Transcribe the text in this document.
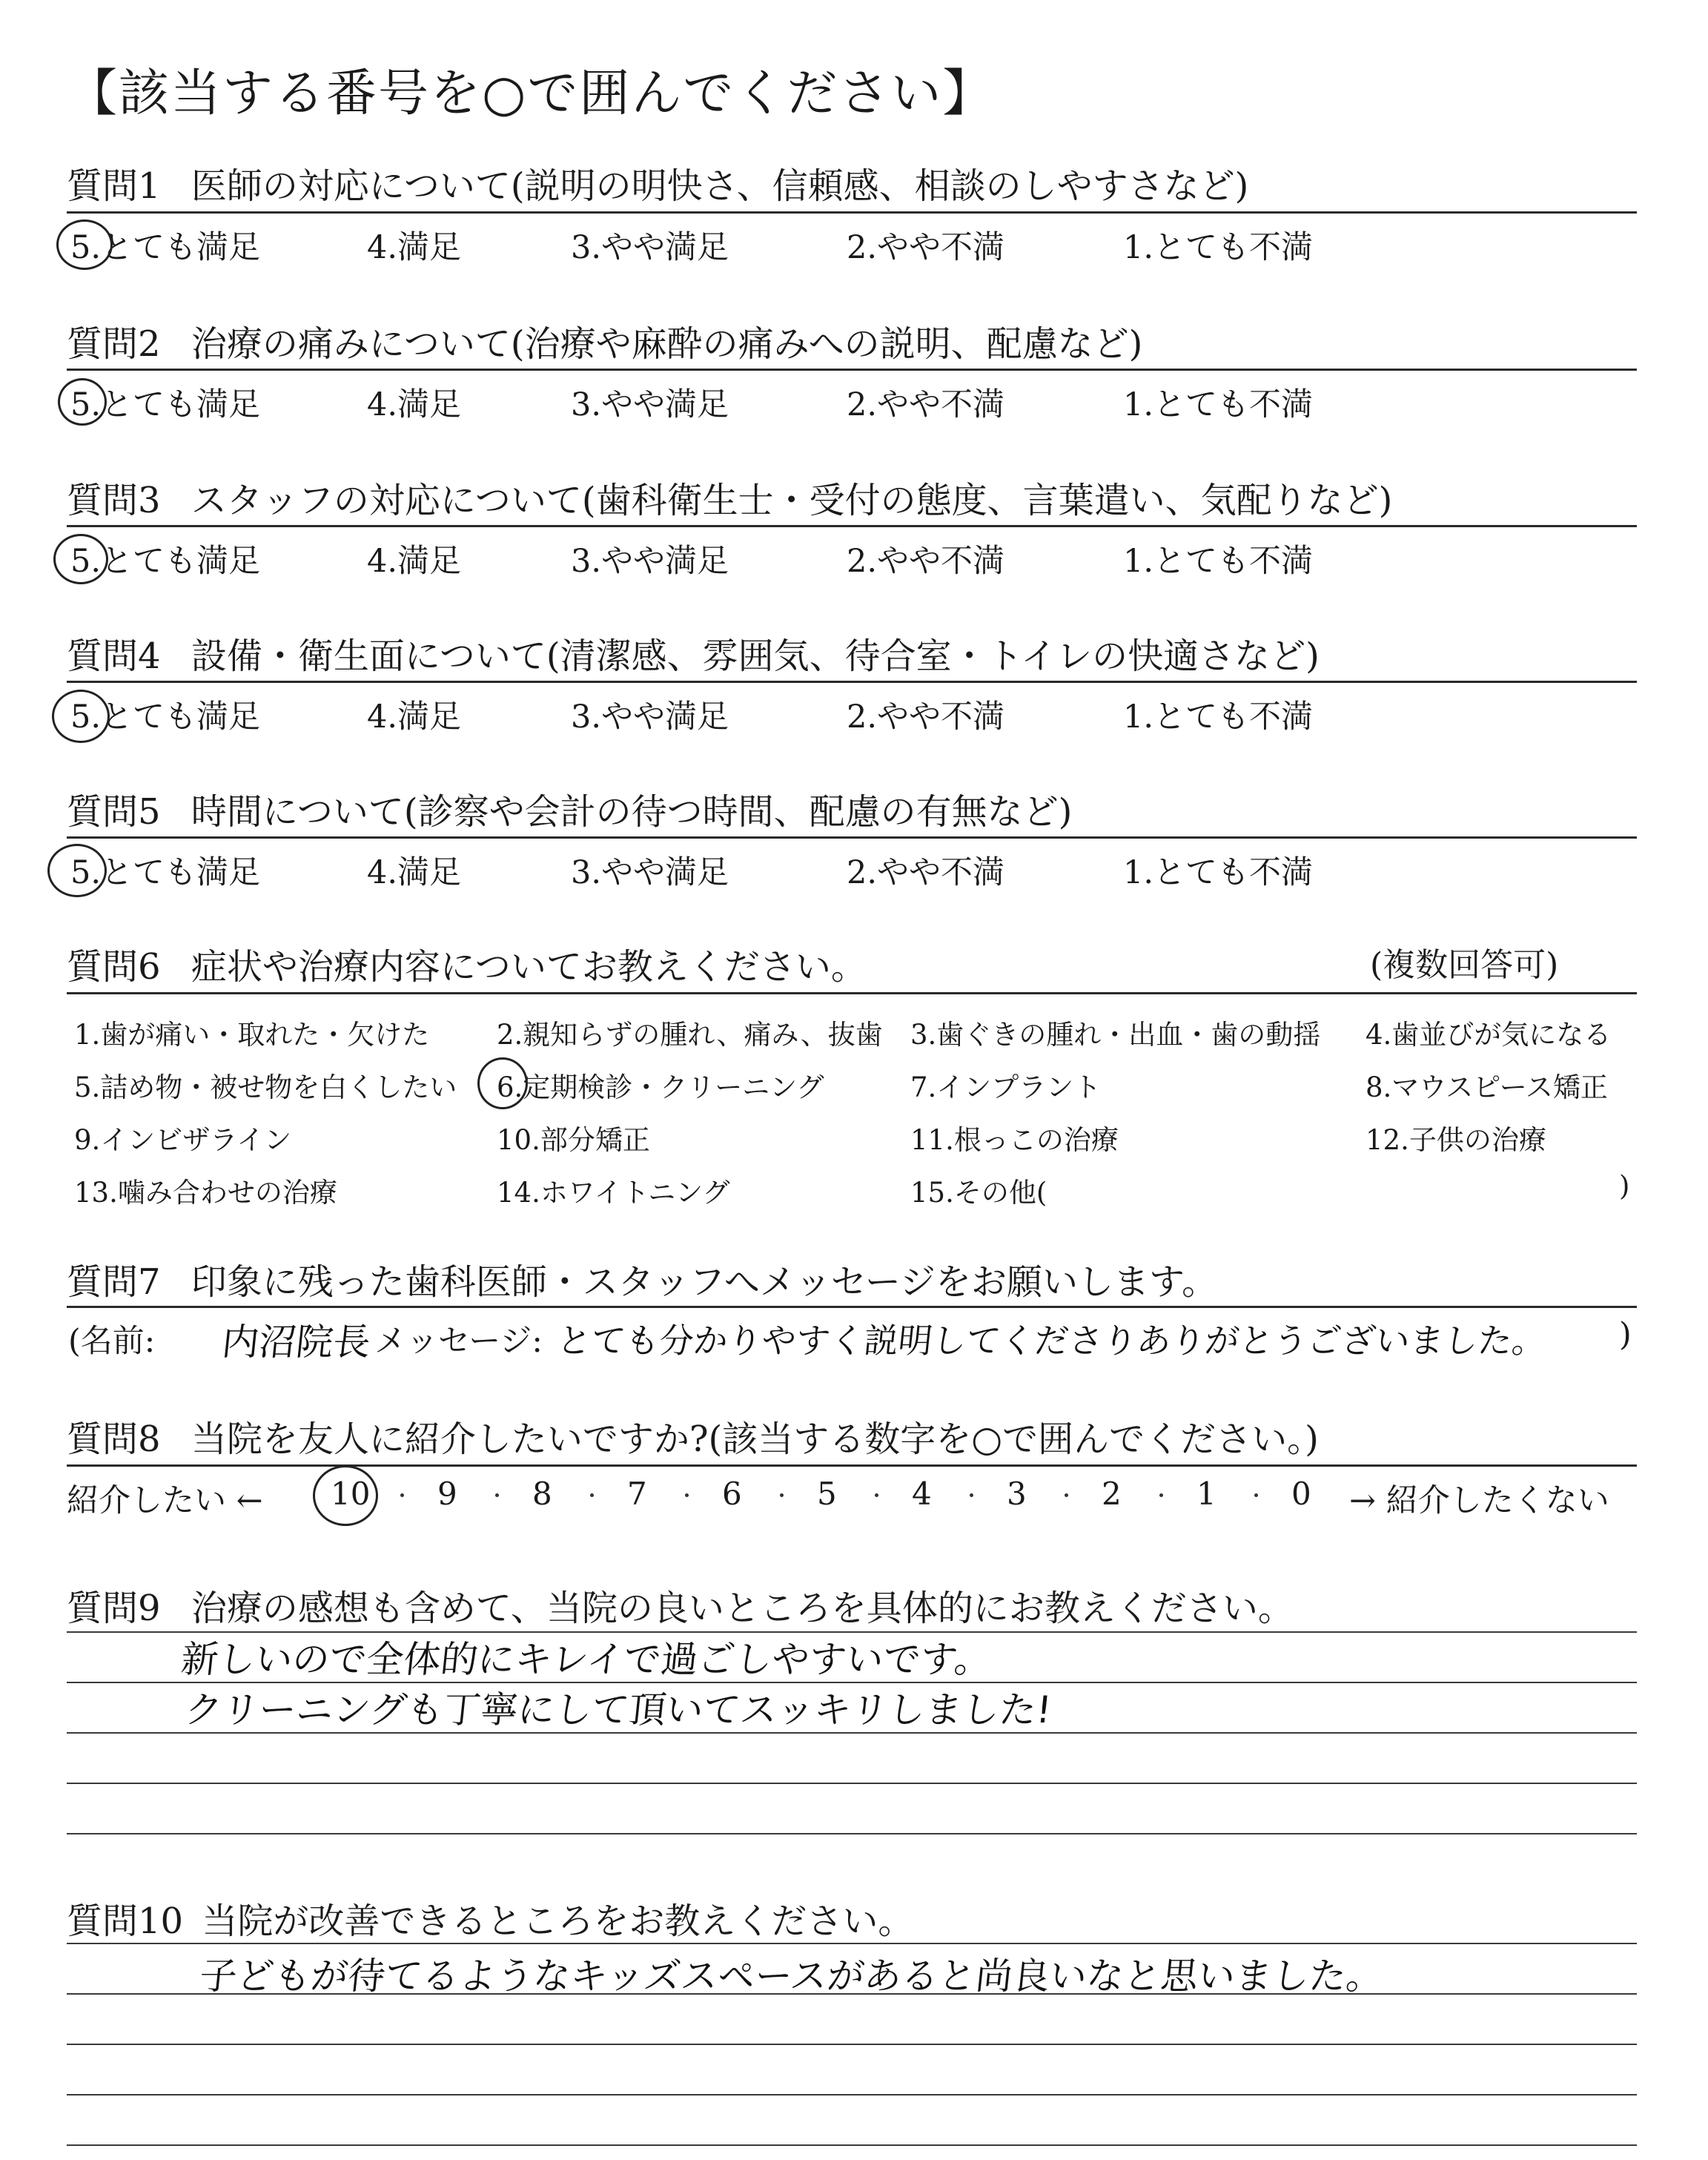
【該当する番号を○で囲んでください】
質問1 医師の対応について(説明の明快さ、信頼感、相談のしやすさなど)
5.とても満足	4.満足	3.やや満足	2.やや不満	1.とても不満
質問2 治療の痛みについて(治療や麻酔の痛みへの説明、配慮など)
5.とても満足	4.満足	3.やや満足	2.やや不満	1.とても不満
質問3 スタッフの対応について(歯科衛生士・受付の態度、言葉遣い、気配りなど)
5.とても満足	4.満足	3.やや満足	2.やや不満	1.とても不満
質問4 設備・衛生面について(清潔感、雰囲気、待合室・トイレの快適さなど)
5.とても満足	4.満足	3.やや満足	2.やや不満	1.とても不満
質問5 時間について(診察や会計の待つ時間、配慮の有無など)
5.とても満足	4.満足	3.やや満足	2.やや不満	1.とても不満
質問6 症状や治療内容についてお教えください。	(複数回答可)
1.歯が痛い・取れた・欠けた 2.親知らずの腫れ、痛み、抜歯 3.歯ぐきの腫れ・出血・歯の動揺 4.歯並びが気になる
5.詰め物・被せ物を白くしたい 6.定期検診・クリーニング	7.インプラント	8.マウスピース矯正
9.インビザライン	10.部分矯正	11.根っこの治療	12.子供の治療
13.噛み合わせの治療	14.ホワイトニング	15.その他(	)
質問7 印象に残った歯科医師・スタッフへメッセージをお願いします。
(名前: 内沼院長 メッセージ: とても分かりやすく説明してくださりありがとうございました。 )
質問8 当院を友人に紹介したいですか?(該当する数字を○で囲んでください。)
紹介したい ←	→ 紹介したくない
10 9 8 7 6 5 4 3 2 1 0
質問9 治療の感想も含めて、当院の良いところを具体的にお教えください。
新しいので全体的にキレイで過ごしやすいです。
クリーニングも丁寧にして頂いてスッキリしました!
質問10 当院が改善できるところをお教えください。
子どもが待てるようなキッズスペースがあると尚良いなと思いました。
